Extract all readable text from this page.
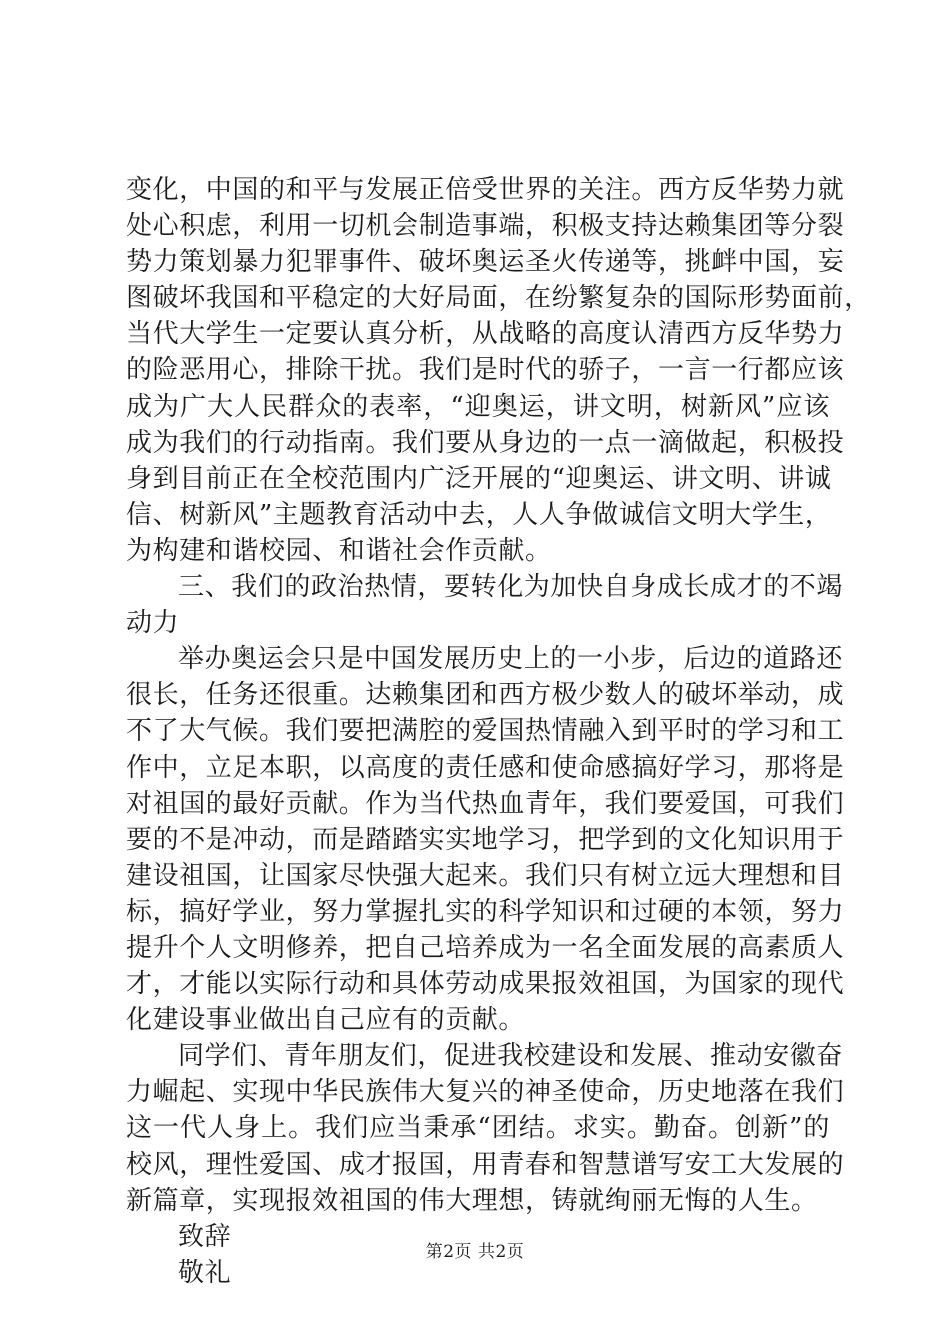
变化，中国的和平与发展正倍受世界的关注。西方反华势力就
处心积虑，利用一切机会制造事端，积极支持达赖集团等分裂
势力策划暴力犯罪事件、破坏奥运圣火传递等，挑衅中国，妄
图破坏我国和平稳定的大好局面，在纷繁复杂的国际形势面前，
当代大学生一定要认真分析，从战略的高度认清西方反华势力
的险恶用心，排除干扰。我们是时代的骄子，一言一行都应该
成为广大人民群众的表率，“迎奥运，讲文明，树新风”应该
成为我们的行动指南。我们要从身边的一点一滴做起，积极投
身到目前正在全校范围内广泛开展的“迎奥运、讲文明、讲诚
信、树新风”主题教育活动中去，人人争做诚信文明大学生，
为构建和谐校园、和谐社会作贡献。
三、我们的政治热情，要转化为加快自身成长成才的不竭
动力
举办奥运会只是中国发展历史上的一小步，后边的道路还
很长，任务还很重。达赖集团和西方极少数人的破坏举动，成
不了大气候。我们要把满腔的爱国热情融入到平时的学习和工
作中，立足本职，以高度的责任感和使命感搞好学习，那将是
对祖国的最好贡献。作为当代热血青年，我们要爱国，可我们
要的不是冲动，而是踏踏实实地学习，把学到的文化知识用于
建设祖国，让国家尽快强大起来。我们只有树立远大理想和目
标，搞好学业，努力掌握扎实的科学知识和过硬的本领，努力
提升个人文明修养，把自己培养成为一名全面发展的高素质人
才，才能以实际行动和具体劳动成果报效祖国，为国家的现代
化建设事业做出自己应有的贡献。
同学们、青年朋友们，促进我校建设和发展、推动安徽奋
力崛起、实现中华民族伟大复兴的神圣使命，历史地落在我们
这一代人身上。我们应当秉承“团结。求实。勤奋。创新”的
校风，理性爱国、成才报国，用青春和智慧谱写安工大发展的
新篇章，实现报效祖国的伟大理想，铸就绚丽无悔的人生。
致辞
敬礼
第2页 共2页
